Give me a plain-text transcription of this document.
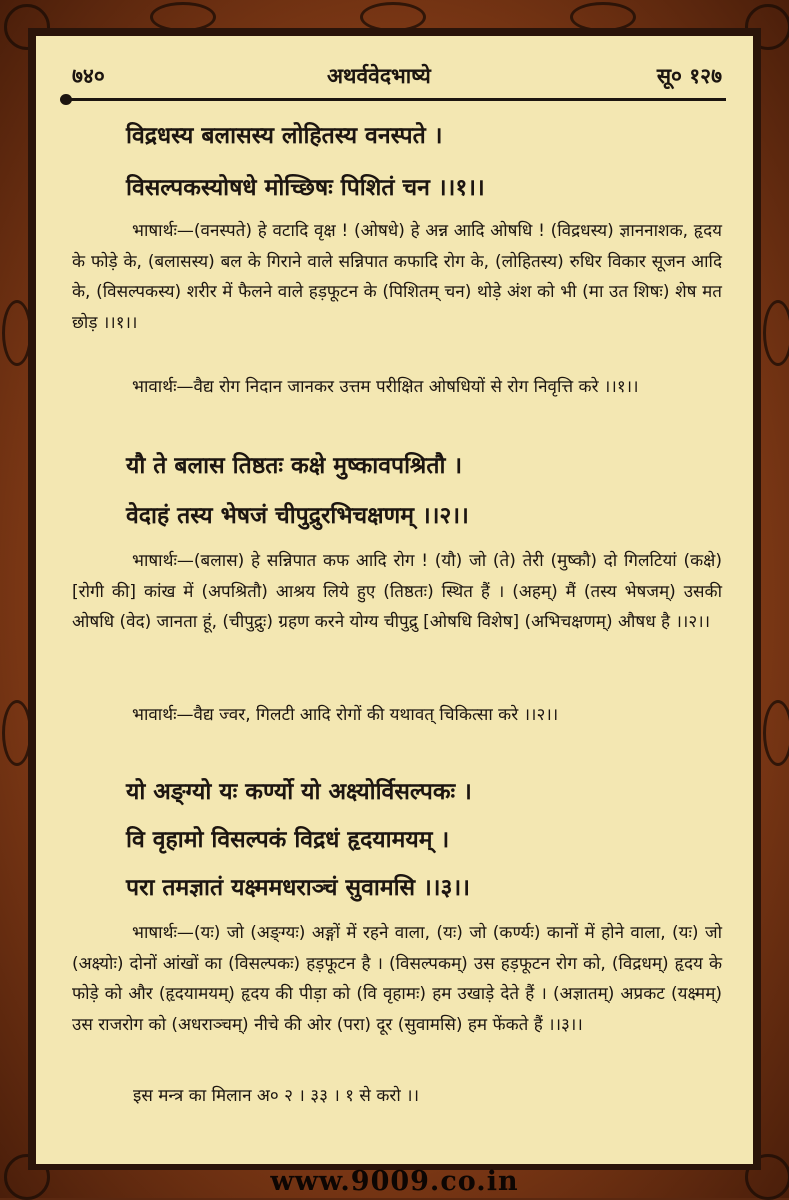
७४०	अथर्ववेदभाष्ये	सू० १२७
विद्रधस्य बलासस्य लोहितस्य वनस्पते ।
विसल्पकस्योषधे मोच्छिषः पिशितं चन ।।१।।
भाषार्थः—(वनस्पते) हे वटादि वृक्ष ! (ओषधे) हे अन्न आदि ओषधि ! (विद्रधस्य) ज्ञाननाशक, हृदय के फोड़े के, (बलासस्य) बल के गिराने वाले सन्निपात कफादि रोग के, (लोहितस्य) रुधिर विकार सूजन आदि के, (विसल्पकस्य) शरीर में फैलने वाले हड़फूटन के (पिशितम् चन) थोड़े अंश को भी (मा उत शिषः) शेष मत छोड़ ।।१।।
भावार्थः—वैद्य रोग निदान जानकर उत्तम परीक्षित ओषधियों से रोग निवृत्ति करे ।।१।।
यौ ते बलास तिष्ठतः कक्षे मुष्कावपश्रितौ ।
वेदाहं तस्य भेषजं चीपुद्रुरभिचक्षणम् ।।२।।
भाषार्थः—(बलास) हे सन्निपात कफ आदि रोग ! (यौ) जो (ते) तेरी (मुष्कौ) दो गिलटियां (कक्षे) [रोगी की] कांख में (अपश्रितौ) आश्रय लिये हुए (तिष्ठतः) स्थित हैं । (अहम्) मैं (तस्य भेषजम्) उसकी ओषधि (वेद) जानता हूं, (चीपुद्रुः) ग्रहण करने योग्य चीपुद्रु [ओषधि विशेष] (अभिचक्षणम्) औषध है ।।२।।
भावार्थः—वैद्य ज्वर, गिलटी आदि रोगों की यथावत् चिकित्सा करे ।।२।।
यो अङ्ग्यो यः कर्ण्यो यो अक्ष्योर्विसल्पकः ।
वि वृहामो विसल्पकं विद्रधं हृदयामयम् ।
परा तमज्ञातं यक्ष्ममधराञ्चं सुवामसि ।।३।।
भाषार्थः—(यः) जो (अङ्ग्यः) अङ्गों में रहने वाला, (यः) जो (कर्ण्यः) कानों में होने वाला, (यः) जो (अक्ष्योः) दोनों आंखों का (विसल्पकः) हड़फूटन है । (विसल्पकम्) उस हड़फूटन रोग को, (विद्रधम्) हृदय के फोड़े को और (हृदयामयम्) हृदय की पीड़ा को (वि वृहामः) हम उखाड़े देते हैं । (अज्ञातम्) अप्रकट (यक्ष्मम्) उस राजरोग को (अधराञ्चम्) नीचे की ओर (परा) दूर (सुवामसि) हम फेंकते हैं ।।३।।
इस मन्त्र का मिलान अ० २ । ३३ । १ से करो ।।
www.9009.co.in
